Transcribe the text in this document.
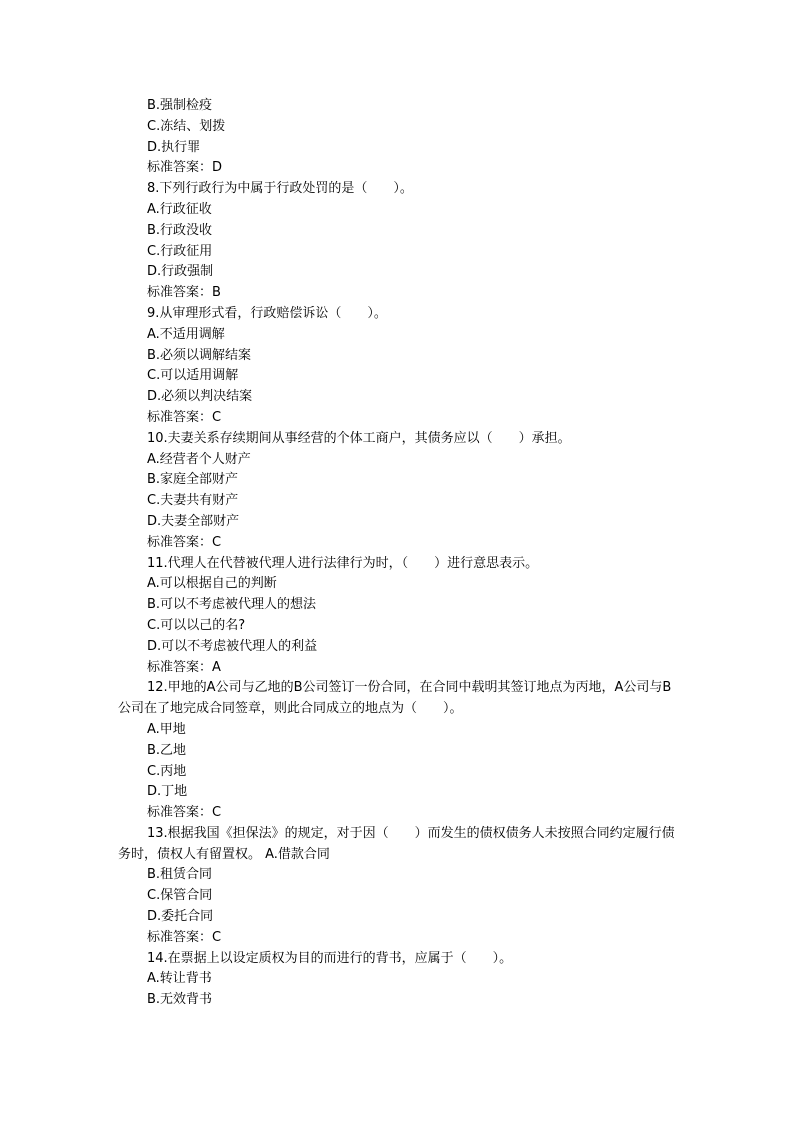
B.强制检疫
C.冻结、划拨
D.执行罪
标准答案：D
8.下列行政行为中属于行政处罚的是（　　）。
A.行政征收
B.行政没收
C.行政征用
D.行政强制
标准答案：B
9.从审理形式看，行政赔偿诉讼（　　）。
A.不适用调解
B.必须以调解结案
C.可以适用调解
D.必须以判决结案
标准答案：C
10.夫妻关系存续期间从事经营的个体工商户，其债务应以（　　）承担。
A.经营者个人财产
B.家庭全部财产
C.夫妻共有财产
D.夫妻全部财产
标准答案：C
11.代理人在代替被代理人进行法律行为时，（　　）进行意思表示。
A.可以根据自己的判断
B.可以不考虑被代理人的想法
C.可以以己的名?
D.可以不考虑被代理人的利益
标准答案：A
12.甲地的A公司与乙地的B公司签订一份合同，在合同中载明其签订地点为丙地，A公司与B公司在了地完成合同签章，则此合同成立的地点为（　　）。
A.甲地
B.乙地
C.丙地
D.丁地
标准答案：C
13.根据我国《担保法》的规定，对于因（　　）而发生的债权债务人未按照合同约定履行债务时，债权人有留置权。 A.借款合同
B.租赁合同
C.保管合同
D.委托合同
标准答案：C
14.在票据上以设定质权为目的而进行的背书，应属于（　　）。
A.转让背书
B.无效背书
